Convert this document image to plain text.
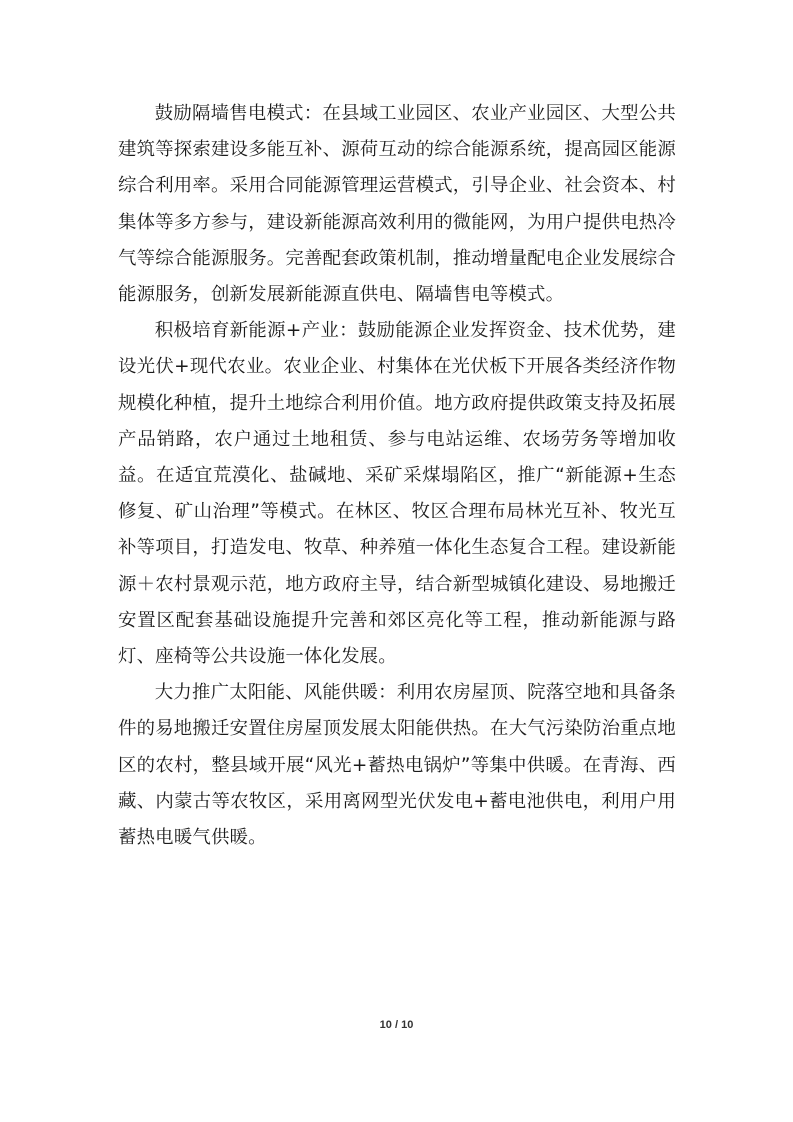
鼓励隔墙售电模式：在县域工业园区、农业产业园区、大型公共建筑等探索建设多能互补、源荷互动的综合能源系统，提高园区能源综合利用率。采用合同能源管理运营模式，引导企业、社会资本、村集体等多方参与，建设新能源高效利用的微能网，为用户提供电热冷气等综合能源服务。完善配套政策机制，推动增量配电企业发展综合能源服务，创新发展新能源直供电、隔墙售电等模式。

积极培育新能源+产业：鼓励能源企业发挥资金、技术优势，建设光伏+现代农业。农业企业、村集体在光伏板下开展各类经济作物规模化种植，提升土地综合利用价值。地方政府提供政策支持及拓展产品销路，农户通过土地租赁、参与电站运维、农场劳务等增加收益。在适宜荒漠化、盐碱地、采矿采煤塌陷区，推广“新能源+生态修复、矿山治理”等模式。在林区、牧区合理布局林光互补、牧光互补等项目，打造发电、牧草、种养殖一体化生态复合工程。建设新能源＋农村景观示范，地方政府主导，结合新型城镇化建设、易地搬迁安置区配套基础设施提升完善和郊区亮化等工程，推动新能源与路灯、座椅等公共设施一体化发展。

大力推广太阳能、风能供暖：利用农房屋顶、院落空地和具备条件的易地搬迁安置住房屋顶发展太阳能供热。在大气污染防治重点地区的农村，整县域开展“风光+蓄热电锅炉”等集中供暖。在青海、西藏、内蒙古等农牧区，采用离网型光伏发电+蓄电池供电，利用户用蓄热电暖气供暖。

10 / 10
